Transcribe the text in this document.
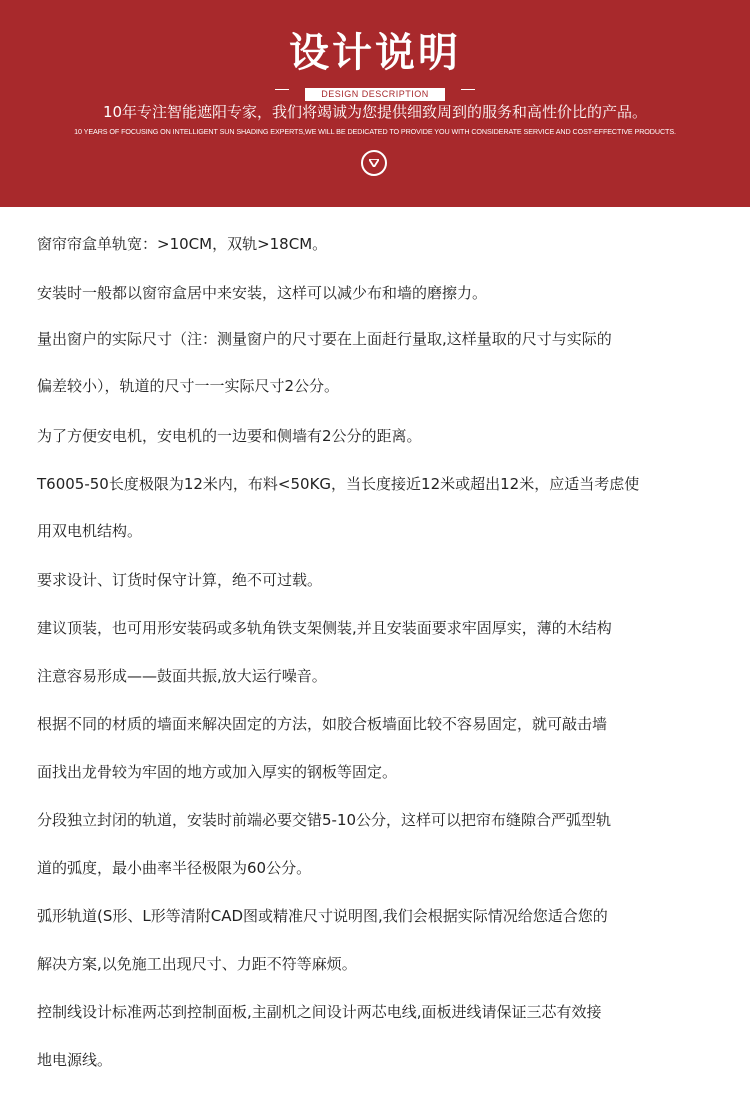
设计说明
DESIGN DESCRIPTION
10年专注智能遮阳专家，我们将竭诚为您提供细致周到的服务和高性价比的产品。
10 YEARS OF FOCUSING ON INTELLIGENT SUN SHADING EXPERTS,WE WILL BE DEDICATED TO PROVIDE YOU WITH CONSIDERATE SERVICE AND COST-EFFECTIVE PRODUCTS.
窗帘帘盒单轨宽：>10CM，双轨>18CM。
安装时一般都以窗帘盒居中来安装，这样可以减少布和墙的磨擦力。
量出窗户的实际尺寸（注：测量窗户的尺寸要在上面赶行量取,这样量取的尺寸与实际的
偏差较小），轨道的尺寸一一实际尺寸2公分。
为了方便安电机，安电机的一边要和侧墙有2公分的距离。
T6005-50长度极限为12米内，布料<50KG，当长度接近12米或超出12米，应适当考虑使
用双电机结构。
要求设计、订货时保守计算，绝不可过载。
建议顶装，也可用形安装码或多轨角铁支架侧装,并且安装面要求牢固厚实，薄的木结构
注意容易形成——鼓面共振,放大运行噪音。
根据不同的材质的墙面来解决固定的方法，如胶合板墙面比较不容易固定，就可敲击墙
面找出龙骨较为牢固的地方或加入厚实的钢板等固定。
分段独立封闭的轨道，安装时前端必要交错5-10公分，这样可以把帘布缝隙合严弧型轨
道的弧度，最小曲率半径极限为60公分。
弧形轨道(S形、L形等清附CAD图或精准尺寸说明图,我们会根据实际情况给您适合您的
解决方案,以免施工出现尺寸、力距不符等麻烦。
控制线设计标准两芯到控制面板,主副机之间设计两芯电线,面板进线请保证三芯有效接
地电源线。
